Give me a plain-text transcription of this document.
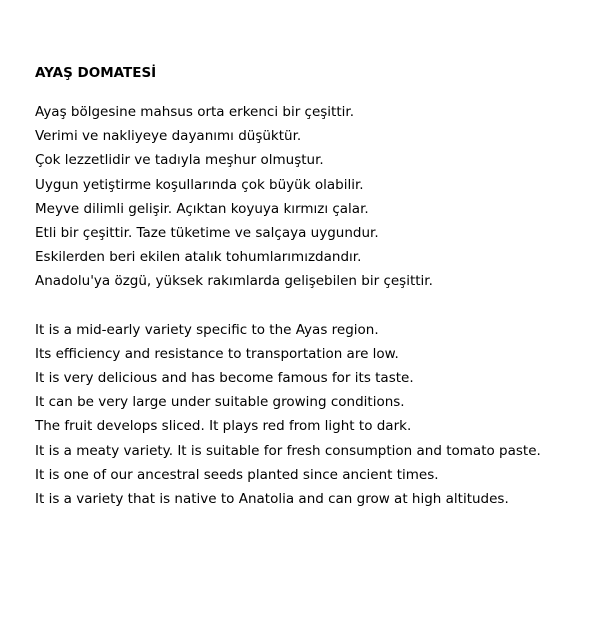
AYAŞ DOMATESİ
Ayaş bölgesine mahsus orta erkenci bir çeşittir.
Verimi ve nakliyeye dayanımı düşüktür.
Çok lezzetlidir ve tadıyla meşhur olmuştur.
Uygun yetiştirme koşullarında çok büyük olabilir.
Meyve dilimli gelişir. Açıktan koyuya kırmızı çalar.
Etli bir çeşittir. Taze tüketime ve salçaya uygundur.
Eskilerden beri ekilen atalık tohumlarımızdandır.
Anadolu'ya özgü, yüksek rakımlarda gelişebilen bir çeşittir.
It is a mid-early variety specific to the Ayas region.
Its efficiency and resistance to transportation are low.
It is very delicious and has become famous for its taste.
It can be very large under suitable growing conditions.
The fruit develops sliced. It plays red from light to dark.
It is a meaty variety. It is suitable for fresh consumption and tomato paste.
It is one of our ancestral seeds planted since ancient times.
It is a variety that is native to Anatolia and can grow at high altitudes.
